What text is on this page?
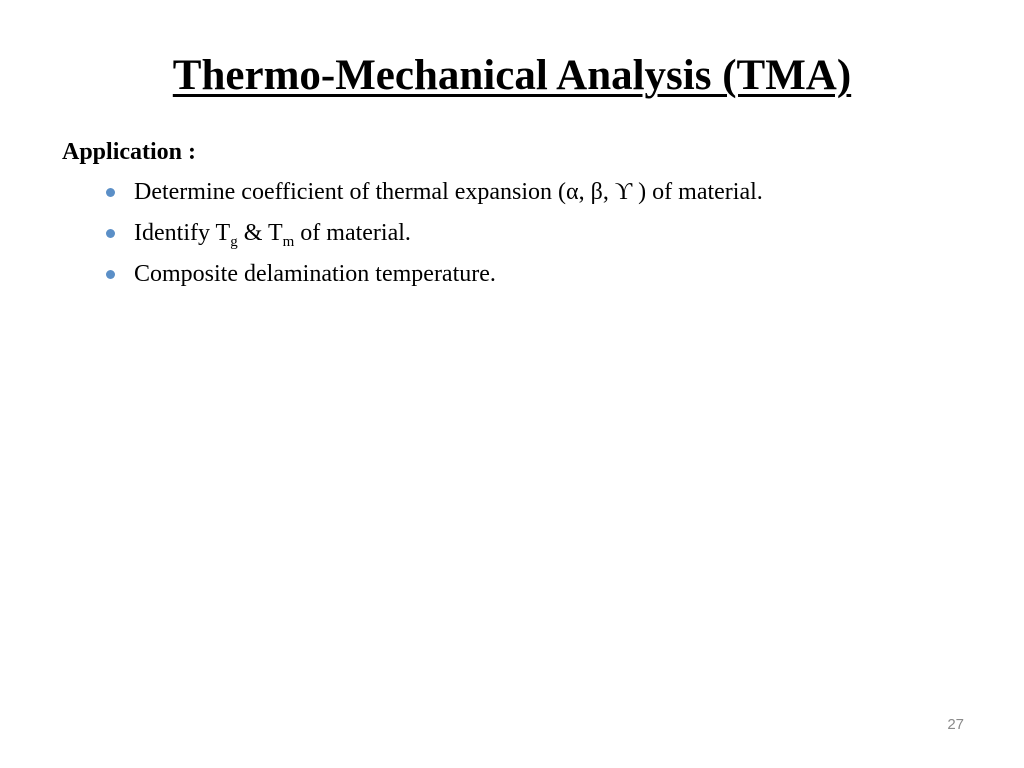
Thermo-Mechanical Analysis (TMA)

Application :

Determine coefficient of thermal expansion (α, β, ϒ ) of material.
Identify $T_g$ & $T_m$ of material.
Composite delamination temperature.
27
